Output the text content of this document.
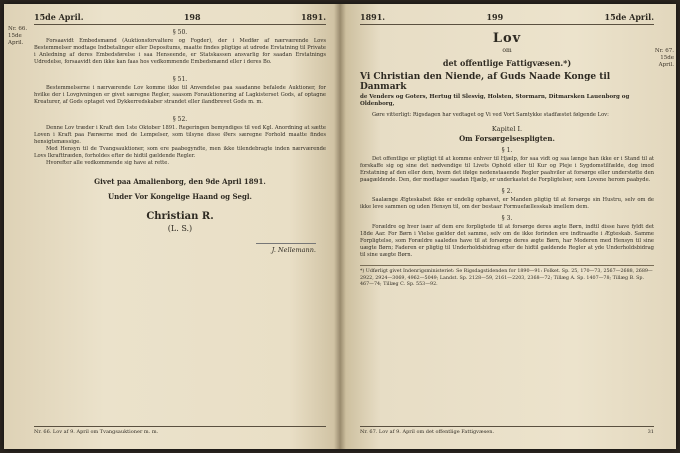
15de April.	198	1891.
Nr. 66.
15de
April.
§ 50.

Forsaavidt Embedsmænd (Auktionsforvaltere og Fogder), der i Medfør af nærværende Lovs Bestemmelser modtage Indbetalinger eller Depositums, maatte findes pligtige at udrede Erstatning til Private i Anledning af deres Embedsførelse i saa Henseende, er Statskassen ansvarlig for saadan Erstatnings Udredelse, forsaavidt den ikke kan faas hos vedkommende Embedsmænd eller i deres Bo.

§ 51.

Bestemmelserne i nærværende Lov komme ikke til Anvendelse paa saadanne befalede Auktioner, for hvilke der i Lovgivningen er givet særegne Regler, saasom Forauktionering af Lagkisterset Gods, af optagne Kreaturer, af Gods optaget ved Dykkerredskaber strandet eller ilandbrevet Gods m. m.

§ 52.

Denne Lov træder i Kraft den 1ste Oktober 1891. Regeringen bemyndiges til ved Kgl. Anordning at sætte Loven i Kraft paa Færøerne med de Lempelser, som tilsyne disse Øers særegne Forhold maatte findes hensigtsmæssige.

Med Hensyn til de Tvangsauktioner, som ere paabegyndte, men ikke tilendebragte inden nærværende Lovs Ikrafttræden, forholdes efter de hidtil gældende Regler.

Hvorefter alle vedkommende sig have at rette.

Givet paa Amalienborg, den 9de April 1891.
Under Vor Kongelige Haand og Segl.
Christian R.
(L. S.)
J. Nellemann.
Nr. 66. Lov af 9. April om Tvangsauktioner m. m.
1891.	199	15de April.
Nr. 67.
15de
April.
Lov
om
det offentlige Fattigvæsen.*)
Vi Christian den Niende, af Guds Naade Konge til Danmark

de Venders og Goters, Hertug til Slesvig, Holsten, Stormarn, Ditmarsken Lauenborg og Oldenborg,

Gøre vitterligt: Rigsdagen har vedtaget og Vi ved Vort Samtykke stadfæstet følgende Lov:

Kapitel I.
Om Forsørgelsespligten.
§ 1.

Det offentlige er pligtigt til at komme enhver til Hjælp, for saa vidt og saa længe han ikke er i Stand til at forskaffe sig og sine det nødvendige til Livets Ophold eller til Kur og Pleje i Sygdomstilfælde, dog imod Erstatning af den eller dem, hvem det ifølge nedenstaaende Regler paahviler at forsørge eller understøtte den paagældende. Den, der modtager saadan Hjælp, er underkastet de Forpligtelser, som Lovene herom paabyde.

§ 2.

Saalænge Ægteskabet ikke er endelig ophævet, er Manden pligtig til at forsørge sin Hustru, selv om de ikke leve sammen og uden Hensyn til, om der bestaar Formuefællesskab imellem dem.

§ 3.

Forældre og hver især af dem ere forpligtede til at forsørge deres ægte Børn, indtil disse have fyldt det 18de Aar. For Børn i Vielse gælder det samme, selv om de ikke forinden ere indtraadte i Ægteskab. Samme Forpligtelse, som Forældre saaledes have til at forsørge deres ægte Børn, har Moderen med Hensyn til sine uægte Børn; Faderen er pligtig til Underholdsbidrag efter de hidtil gældende Regler at yde Underholdsbidrag til sine uægte Børn.

*) Udførligt givet Indenrigsministeriet: Se Rigsdagstidenden for 1890—91: Folket. Sp. 25, 170—73, 2567—2688, 2689—2922, 2924—3069, 4962—5049; Landst. Sp. 2128—59, 2161—2203, 2368—72; Tillæg A. Sp. 1407—78; Tillæg B. Sp. 467—74; Tillæg C. Sp. 553—92.

Nr. 67. Lov af 9. April om det offentlige Fattigvæsen.	31
